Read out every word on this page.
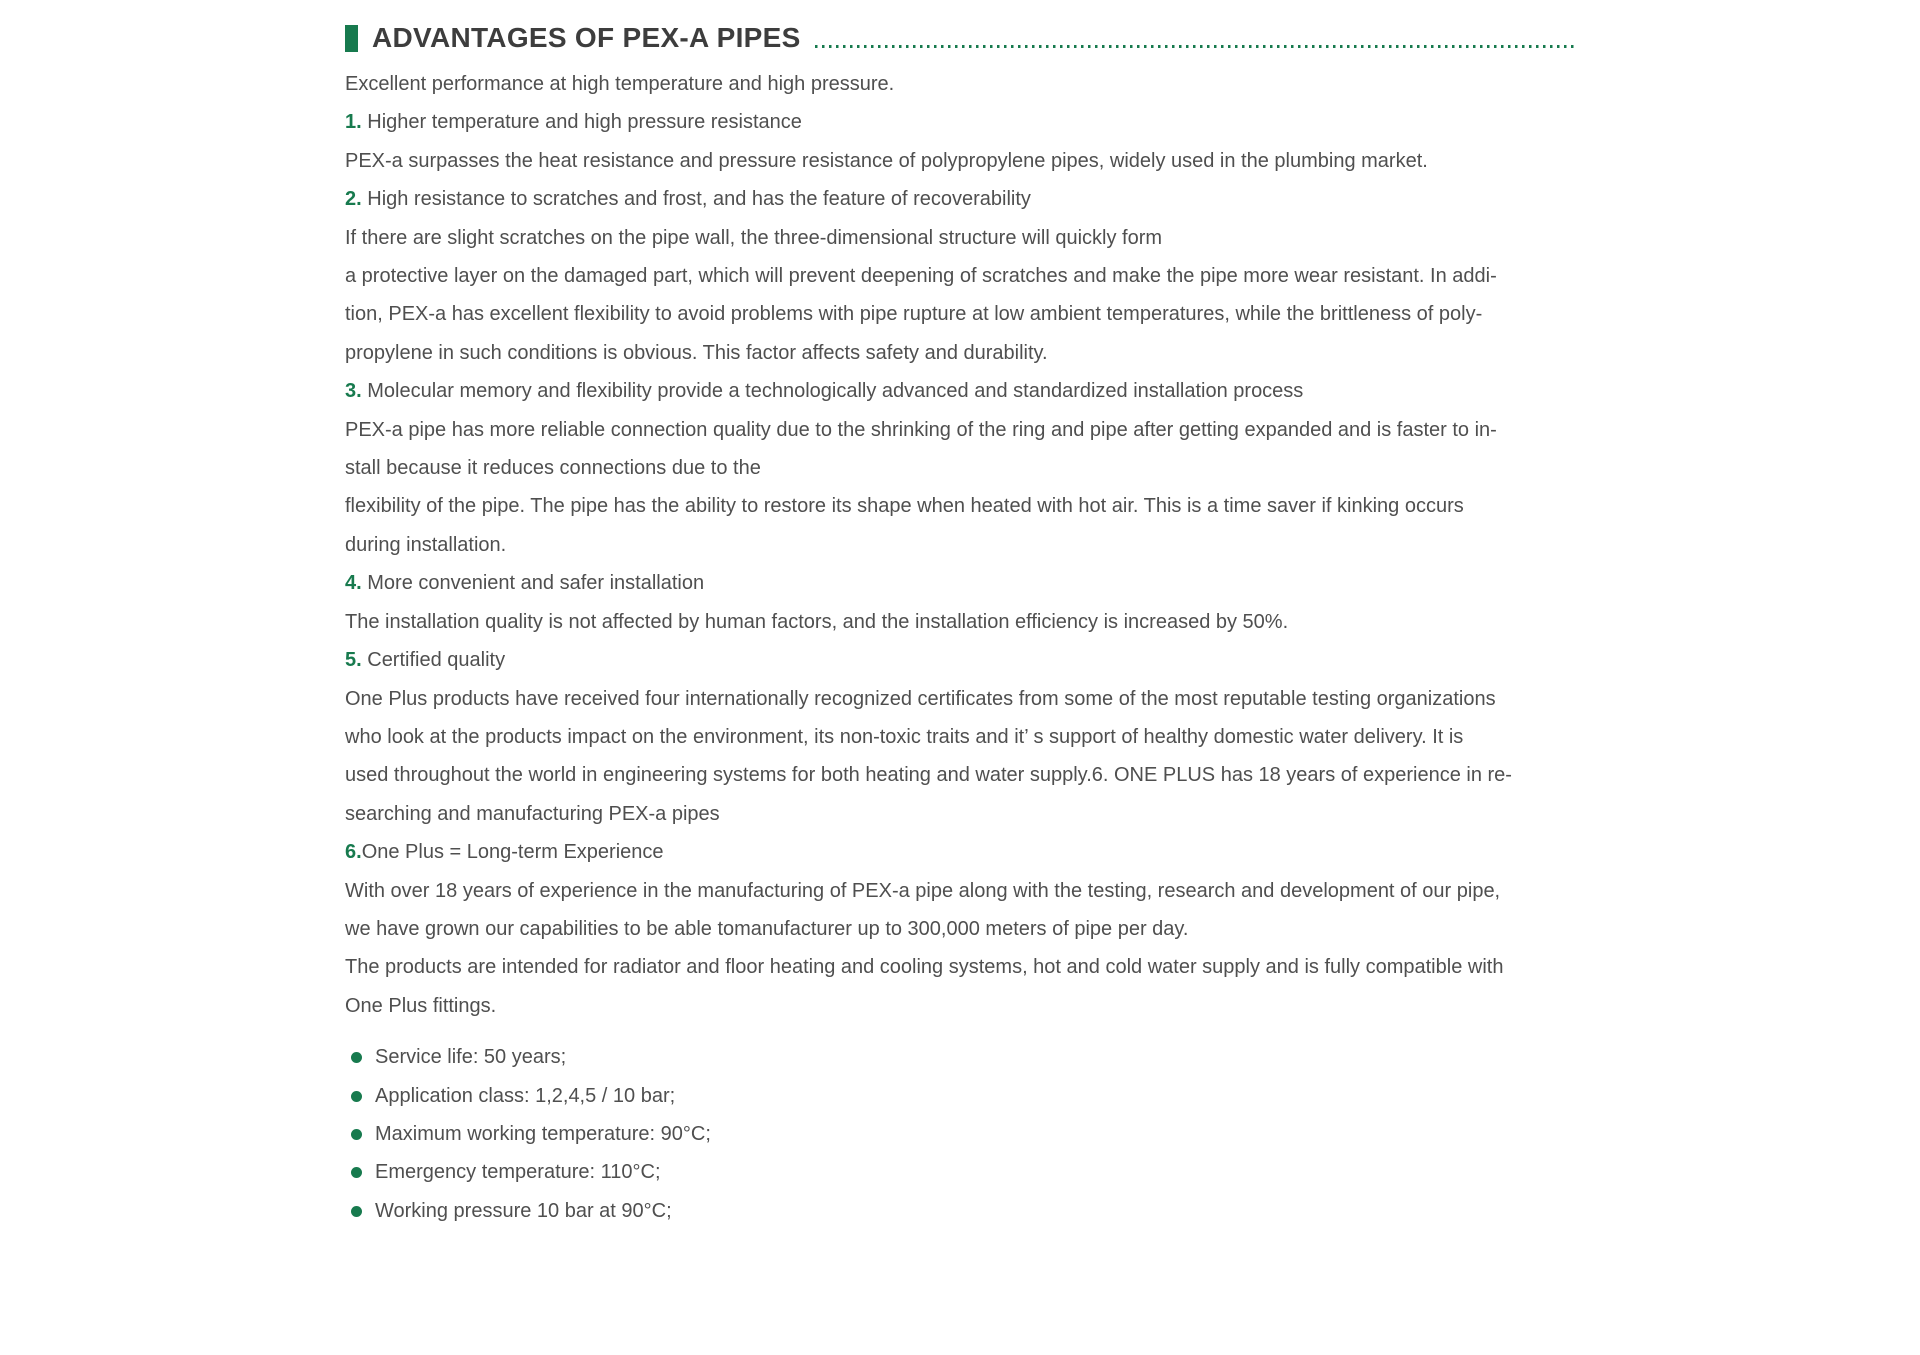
ADVANTAGES OF PEX-A PIPES
Excellent performance at high temperature and high pressure.
1. Higher temperature and high pressure resistance
PEX-a surpasses the heat resistance and pressure resistance of polypropylene pipes, widely used in the plumbing market.
2. High resistance to scratches and frost, and has the feature of recoverability
If there are slight scratches on the pipe wall, the three-dimensional structure will quickly form
a protective layer on the damaged part, which will prevent deepening of scratches and make the pipe more wear resistant. In addi-
tion, PEX-a has excellent flexibility to avoid problems with pipe rupture at low ambient temperatures, while the brittleness of poly-
propylene in such conditions is obvious. This factor affects safety and durability.
3. Molecular memory and flexibility provide a technologically advanced and standardized installation process
PEX-a pipe has more reliable connection quality due to the shrinking of the ring and pipe after getting expanded and is faster to in-
stall because it reduces connections due to the
flexibility of the pipe. The pipe has the ability to restore its shape when heated with hot air. This is a time saver if kinking occurs
during installation.
4. More convenient and safer installation
The installation quality is not affected by human factors, and the installation efficiency is increased by 50%.
5. Certified quality
One Plus products have received four internationally recognized certificates from some of the most reputable testing organizations
who look at the products impact on the environment, its non-toxic traits and it’ s support of healthy domestic water delivery. It is
used throughout the world in engineering systems for both heating and water supply.6. ONE PLUS has 18 years of experience in re-
searching and manufacturing PEX-a pipes
6.One Plus = Long-term Experience
With over 18 years of experience in the manufacturing of PEX-a pipe along with the testing, research and development of our pipe,
we have grown our capabilities to be able tomanufacturer up to 300,000 meters of pipe per day.
The products are intended for radiator and floor heating and cooling systems, hot and cold water supply and is fully compatible with
One Plus fittings.
Service life: 50 years;
Application class: 1,2,4,5 / 10 bar;
Maximum working temperature: 90°C;
Emergency temperature: 110°C;
Working pressure 10 bar at 90°C;
